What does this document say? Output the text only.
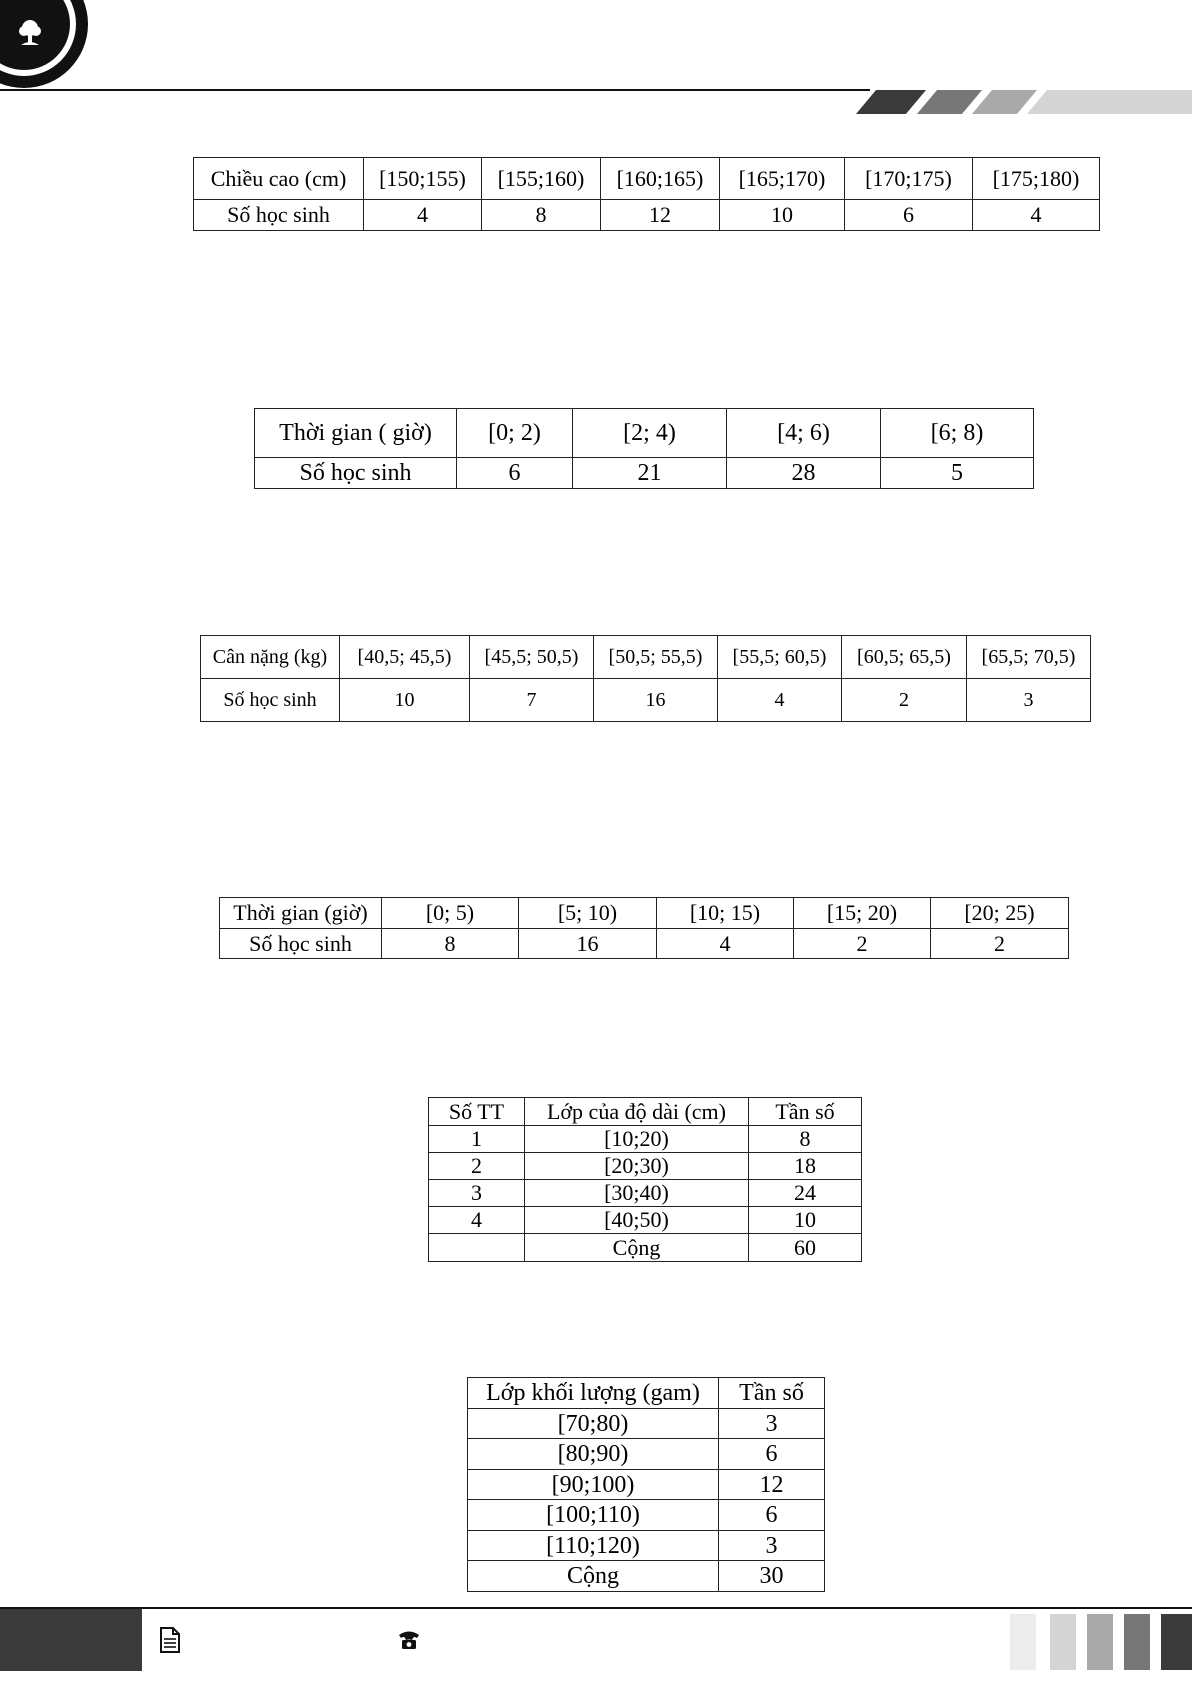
Chiều cao (cm)	[150;155)	[155;160)	[160;165)	[165;170)	[170;175)	[175;180)
Số học sinh	4	8	12	10	6	4
Thời gian ( giờ)	[0; 2)	[2; 4)	[4; 6)	[6; 8)
Số học sinh	6	21	28	5
Cân nặng (kg)	[40,5; 45,5)	[45,5; 50,5)	[50,5; 55,5)	[55,5; 60,5)	[60,5; 65,5)	[65,5; 70,5)
Số học sinh	10	7	16	4	2	3
Thời gian (giờ)	[0; 5)	[5; 10)	[10; 15)	[15; 20)	[20; 25)
Số học sinh	8	16	4	2	2
Số TT	Lớp của độ dài (cm)	Tần số
1	[10;20)	8
2	[20;30)	18
3	[30;40)	24
4	[40;50)	10
	Cộng	60
Lớp khối lượng (gam)	Tần số
[70;80)	3
[80;90)	6
[90;100)	12
[100;110)	6
[110;120)	3
Cộng	30
